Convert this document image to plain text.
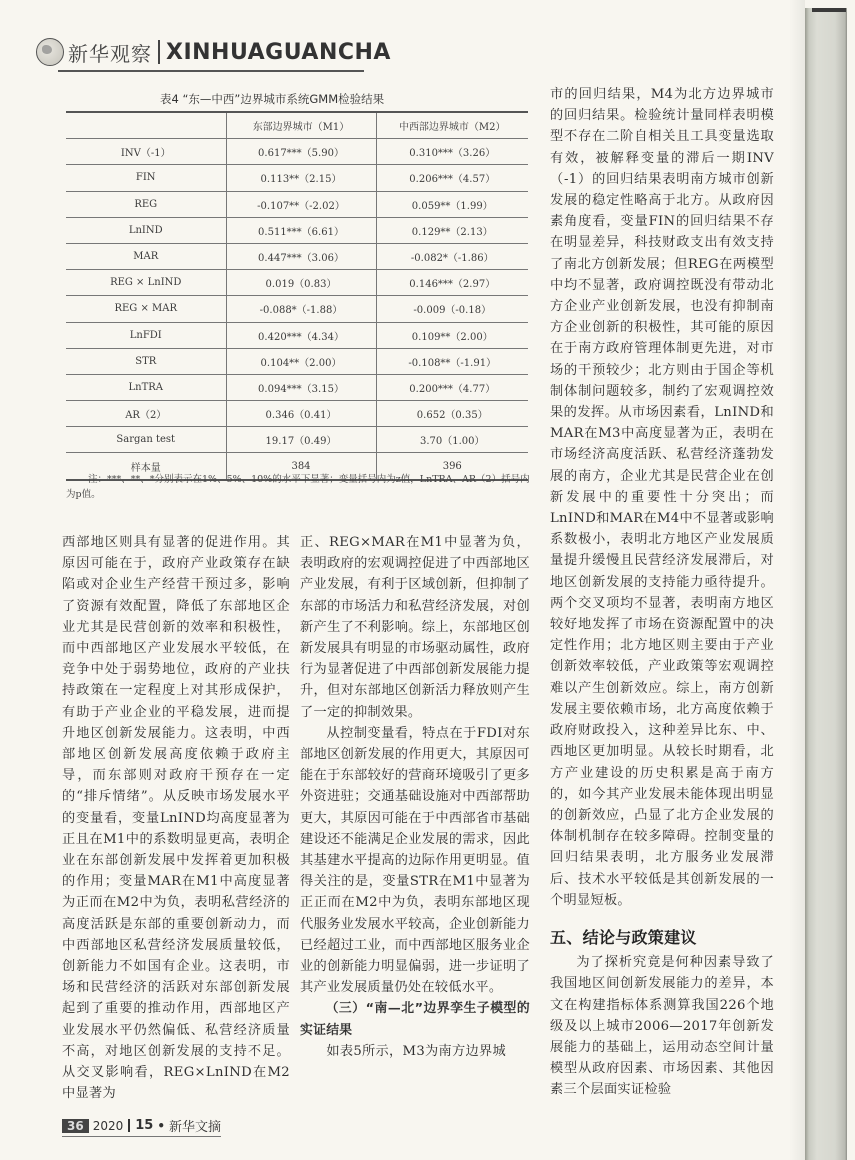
新华观察 XINHUAGUANCHA
表4 “东—中西”边界城市系统GMM检验结果
	东部边界城市（M1）	中西部边界城市（M2）
INV（-1）	0.617***（5.90）	0.310***（3.26）
FIN	0.113**（2.15）	0.206***（4.57）
REG	-0.107**（-2.02）	0.059**（1.99）
LnIND	0.511***（6.61）	0.129**（2.13）
MAR	0.447***（3.06）	-0.082*（-1.86）
REG × LnIND	0.019（0.83）	0.146***（2.97）
REG × MAR	-0.088*（-1.88）	-0.009（-0.18）
LnFDI	0.420***（4.34）	0.109**（2.00）
STR	0.104**（2.00）	-0.108**（-1.91）
LnTRA	0.094***（3.15）	0.200***（4.77）
AR（2）	0.346（0.41）	0.652（0.35）
Sargan test	19.17（0.49）	3.70（1.00）
样本量	384	396
注：***、**、*分别表示在1%、5%、10%的水平下显著；变量括号内为z值，LnTRA、AR（2）括号内为p值。

西部地区则具有显著的促进作用。其原因可能在于，政府产业政策存在缺陷或对企业生产经营干预过多，影响了资源有效配置，降低了东部地区企业尤其是民营创新的效率和积极性，而中西部地区产业发展水平较低，在竞争中处于弱势地位，政府的产业扶持政策在一定程度上对其形成保护，有助于产业企业的平稳发展，进而提升地区创新发展能力。这表明，中西部地区创新发展高度依赖于政府主导，而东部则对政府干预存在一定的“排斥情绪”。从反映市场发展水平的变量看，变量LnIND均高度显著为正且在M1中的系数明显更高，表明企业在东部创新发展中发挥着更加积极的作用；变量MAR在M1中高度显著为正而在M2中为负，表明私营经济的高度活跃是东部的重要创新动力，而中西部地区私营经济发展质量较低，创新能力不如国有企业。这表明，市场和民营经济的活跃对东部创新发展起到了重要的推动作用，西部地区产业发展水平仍然偏低、私营经济质量不高，对地区创新发展的支持不足。从交叉影响看，REG×LnIND在M2中显著为

正、REG×MAR在M1中显著为负，表明政府的宏观调控促进了中西部地区产业发展，有利于区域创新，但抑制了东部的市场活力和私营经济发展，对创新产生了不利影响。综上，东部地区创新发展具有明显的市场驱动属性，政府行为显著促进了中西部创新发展能力提升，但对东部地区创新活力释放则产生了一定的抑制效果。

从控制变量看，特点在于FDI对东部地区创新发展的作用更大，其原因可能在于东部较好的营商环境吸引了更多外资进驻；交通基础设施对中西部帮助更大，其原因可能在于中西部省市基础建设还不能满足企业发展的需求，因此其基建水平提高的边际作用更明显。值得关注的是，变量STR在M1中显著为正正而在M2中为负，表明东部地区现代服务业发展水平较高，企业创新能力已经超过工业，而中西部地区服务业企业的创新能力明显偏弱，进一步证明了其产业发展质量仍处在较低水平。

（三）“南—北”边界孪生子模型的实证结果

如表5所示，M3为南方边界城

市的回归结果，M4为北方边界城市的回归结果。检验统计量同样表明模型不存在二阶自相关且工具变量选取有效，被解释变量的滞后一期INV（-1）的回归结果表明南方城市创新发展的稳定性略高于北方。从政府因素角度看，变量FIN的回归结果不存在明显差异，科技财政支出有效支持了南北方创新发展；但REG在两模型中均不显著，政府调控既没有带动北方企业产业创新发展，也没有抑制南方企业创新的积极性，其可能的原因在于南方政府管理体制更先进，对市场的干预较少；北方则由于国企等机制体制问题较多，制约了宏观调控效果的发挥。从市场因素看，LnIND和MAR在M3中高度显著为正，表明在市场经济高度活跃、私营经济蓬勃发展的南方，企业尤其是民营企业在创新发展中的重要性十分突出；而LnIND和MAR在M4中不显著或影响系数极小，表明北方地区产业发展质量提升缓慢且民营经济发展滞后，对地区创新发展的支持能力亟待提升。两个交叉项均不显著，表明南方地区较好地发挥了市场在资源配置中的决定性作用；北方地区则主要由于产业创新效率较低，产业政策等宏观调控难以产生创新效应。综上，南方创新发展主要依赖市场，北方高度依赖于政府财政投入，这种差异比东、中、西地区更加明显。从较长时期看，北方产业建设的历史积累是高于南方的，如今其产业发展未能体现出明显的创新效应，凸显了北方企业发展的体制机制存在较多障碍。控制变量的回归结果表明，北方服务业发展滞后、技术水平较低是其创新发展的一个明显短板。

五、结论与政策建议

为了探析究竟是何种因素导致了我国地区间创新发展能力的差异，本文在构建指标体系测算我国226个地级及以上城市2006—2017年创新发展能力的基础上，运用动态空间计量模型从政府因素、市场因素、其他因素三个层面实证检验

36 2020 15 • 新华文摘
